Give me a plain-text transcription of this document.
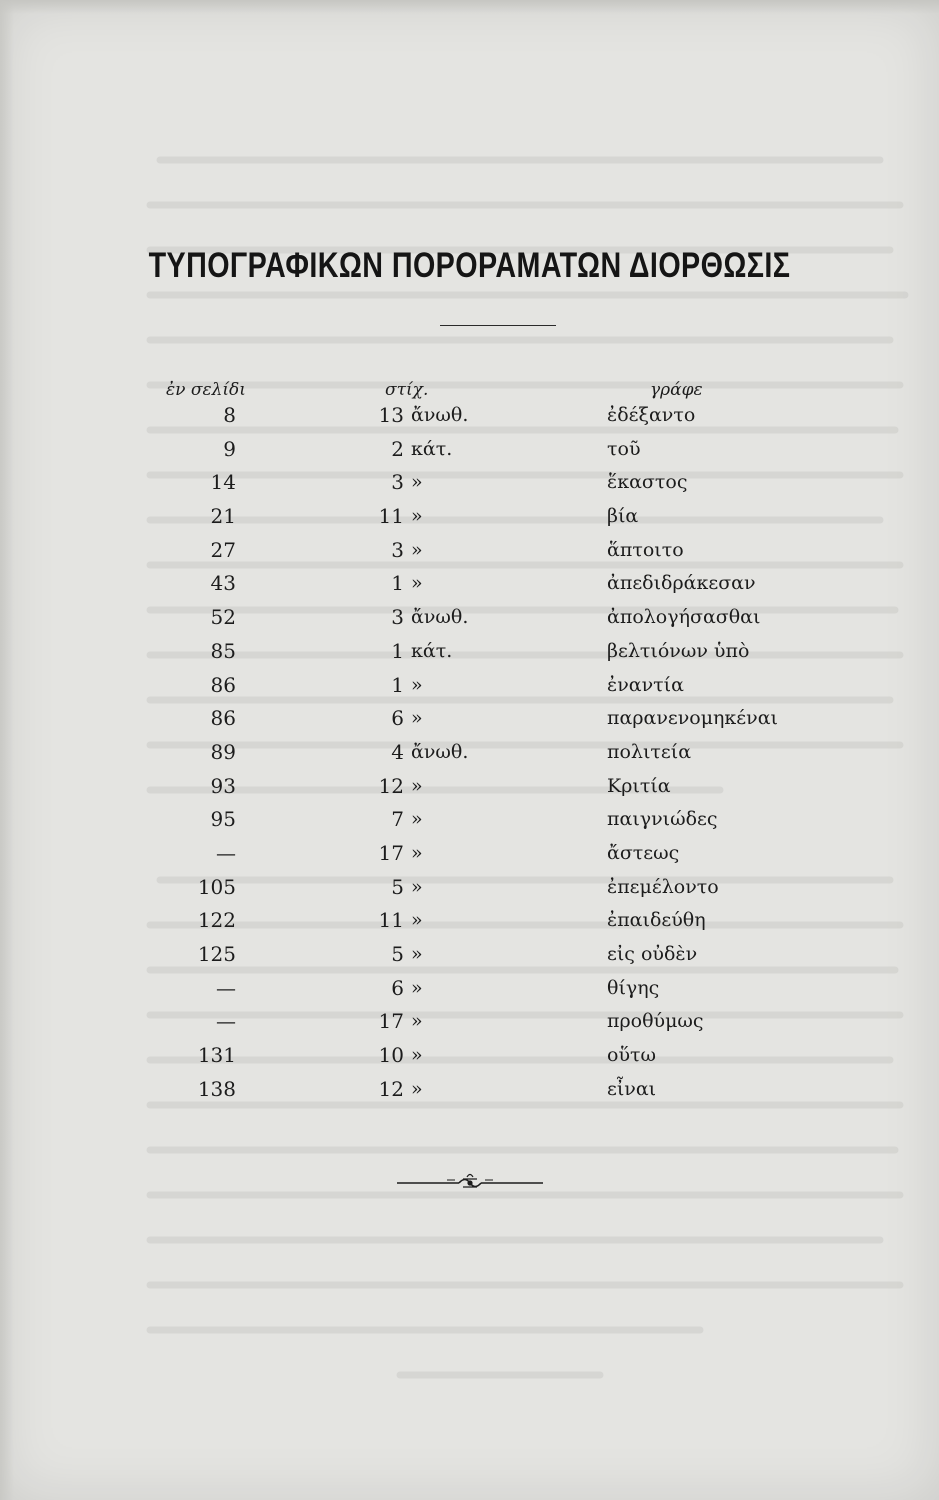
ΤΥΠΟΓΡΑΦΙΚΩΝ ΠΟΡΟΡΑΜΑΤΩΝ ΔΙΟΡΘΩΣΙΣ
ἐν σελίδι	στίχ.	γράφε
8	13 ἄνωθ.	ἐδέξαντο
9	2 κάτ.	τοῦ
14	3 »	ἕκαστος
21	11 »	βία
27	3 »	ἅπτοιτο
43	1 »	ἀπεδιδράκεσαν
52	3 ἄνωθ.	ἀπολογήσασθαι
85	1 κάτ.	βελτιόνων ὑπὸ
86	1 »	ἐναντία
86	6 »	παρανενομηκέναι
89	4 ἄνωθ.	πολιτεία
93	12 »	Κριτία
95	7 »	παιγνιώδες
—	17 »	ἄστεως
105	5 »	ἐπεμέλοντο
122	11 »	ἐπαιδεύθη
125	5 »	εἰς οὐδὲν
—	6 »	θίγης
—	17 »	προθύμως
131	10 »	οὕτω
138	12 »	εἶναι
